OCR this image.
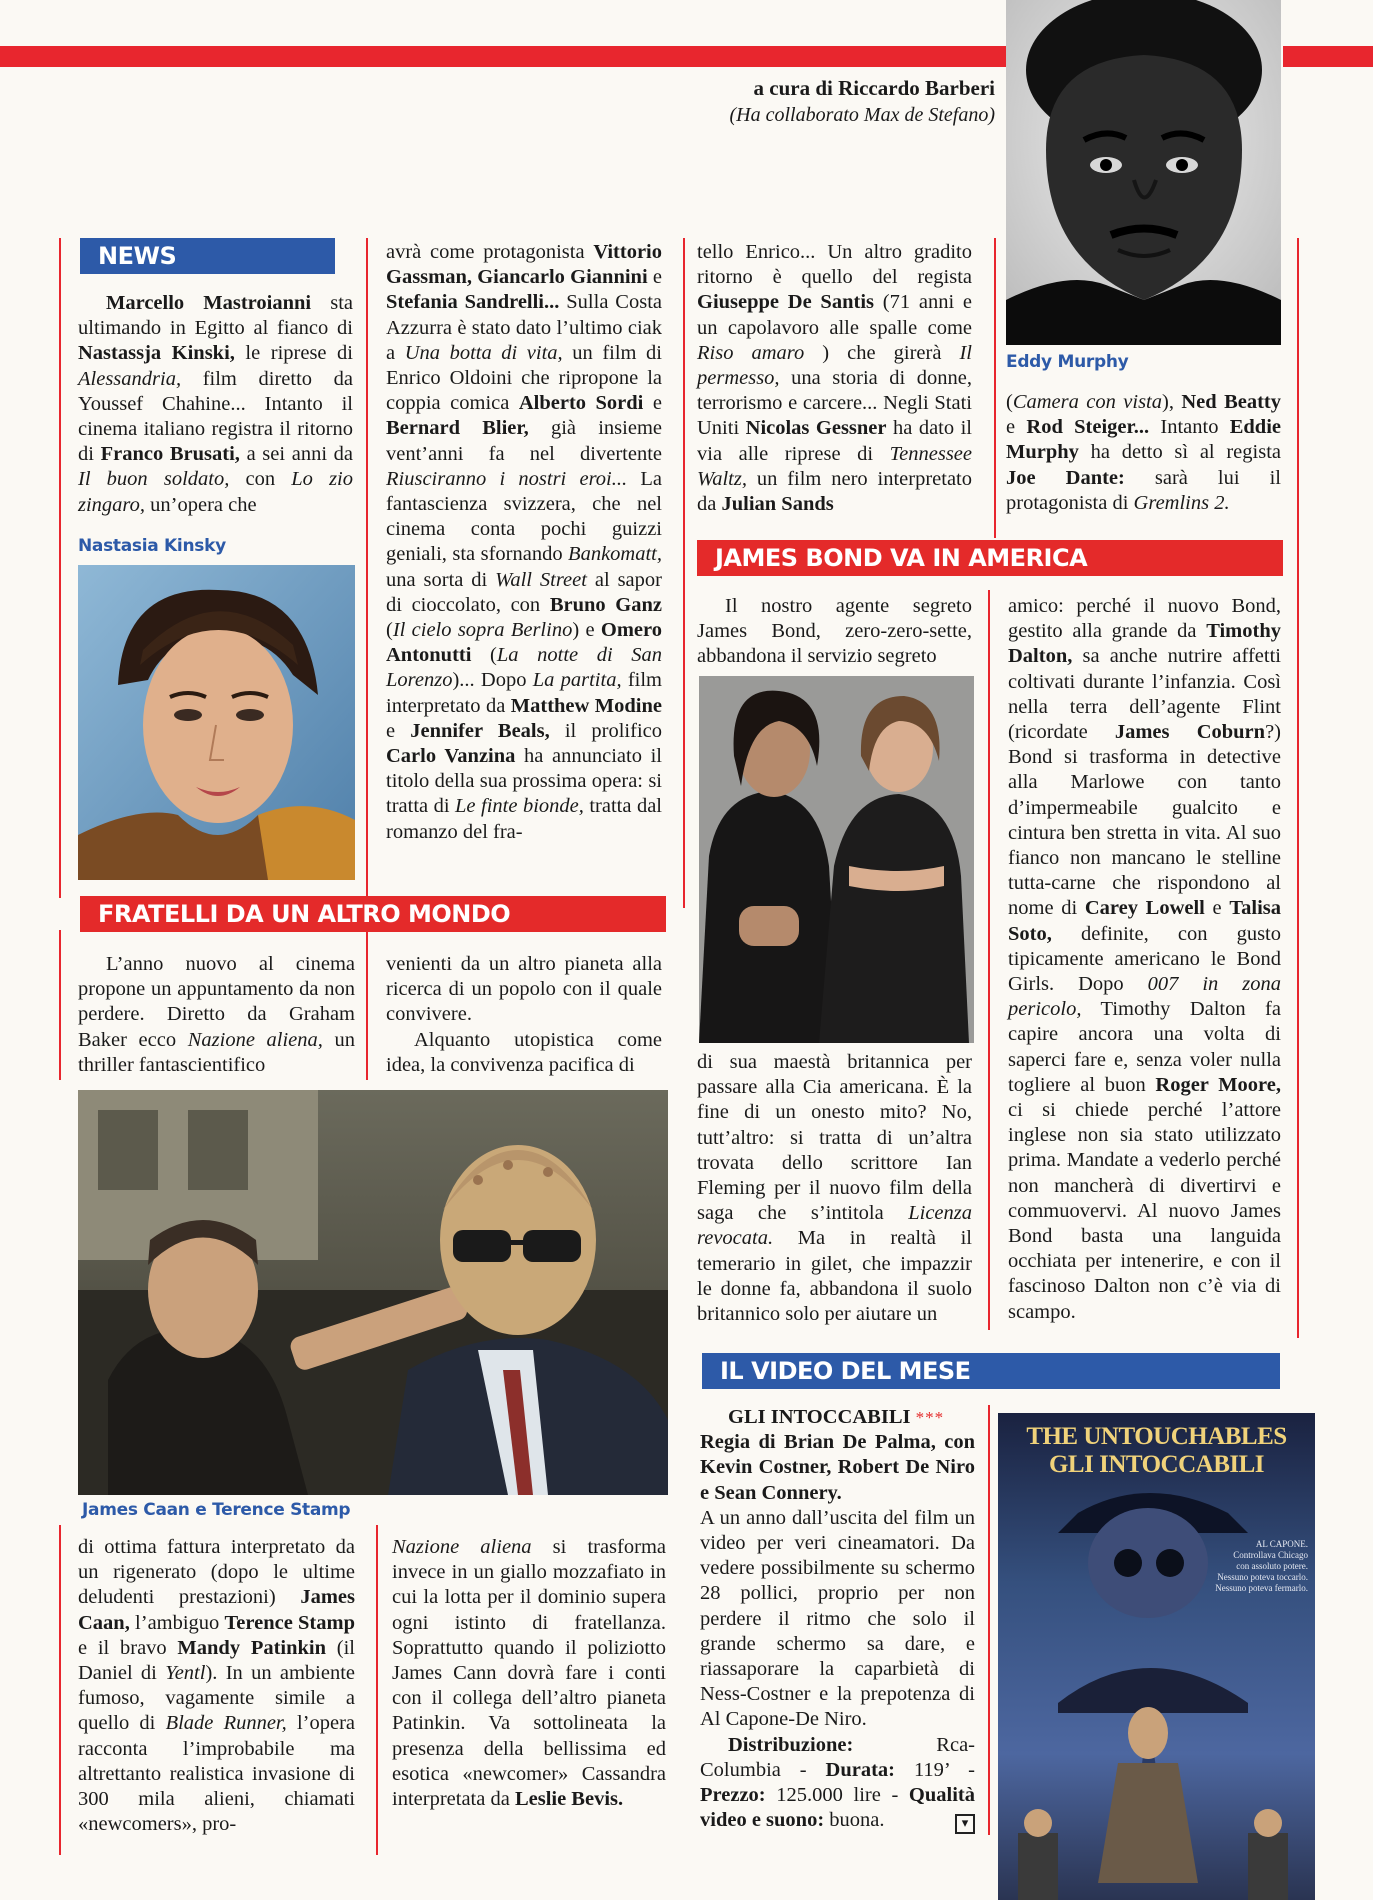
a cura di Riccardo Barberi
(Ha collaborato Max de Stefano)
Eddy Murphy
NEWS

Marcello Mastroianni sta ultimando in Egitto al fianco di Nastassja Kinski, le riprese di Alessandria, film diretto da Youssef Chahine... Intanto il cinema italiano registra il ritorno di Franco Brusati, a sei anni da Il buon soldato, con Lo zio zingaro, un’opera che

Nastasia Kinsky

avrà come protagonista Vittorio Gassman, Giancarlo Giannini e Stefania Sandrelli... Sulla Costa Azzurra è stato dato l’ultimo ciak a Una botta di vita, un film di Enrico Oldoini che ripropone la coppia comica Alberto Sordi e Bernard Blier, già insieme vent’anni fa nel divertente Riusciranno i nostri eroi... La fantascienza svizzera, che nel cinema conta pochi guizzi geniali, sta sfornando Bankomatt, una sorta di Wall Street al sapor di cioccolato, con Bruno Ganz (Il cielo sopra Berlino) e Omero Antonutti (La notte di San Lorenzo)... Dopo La partita, film interpretato da Matthew Modine e Jennifer Beals, il prolifico Carlo Vanzina ha annunciato il titolo della sua prossima opera: si tratta di Le finte bionde, tratta dal romanzo del fra-

tello Enrico... Un altro gradito ritorno è quello del regista Giuseppe De Santis (71 anni e un capolavoro alle spalle come Riso amaro ) che girerà Il permesso, una storia di donne, terrorismo e carcere... Negli Stati Uniti Nicolas Gessner ha dato il via alle riprese di Tennessee Waltz, un film nero interpretato da Julian Sands

(Camera con vista), Ned Beatty e Rod Steiger... Intanto Eddie Murphy ha detto sì al regista Joe Dante: sarà lui il protagonista di Gremlins 2.

JAMES BOND VA IN AMERICA
FRATELLI DA UN ALTRO MONDO

L’anno nuovo al cinema propone un appuntamento da non perdere. Diretto da Graham Baker ecco Nazione aliena, un thriller fantascientifico

venienti da un altro pianeta alla ricerca di un popolo con il quale convivere.

Alquanto utopistica come idea, la convivenza pacifica di

James Caan e Terence Stamp

di ottima fattura interpretato da un rigenerato (dopo le ultime deludenti prestazioni) James Caan, l’ambiguo Terence Stamp e il bravo Mandy Patinkin (il Daniel di Yentl). In un ambiente fumoso, vagamente simile a quello di Blade Runner, l’opera racconta l’improbabile ma altrettanto realistica invasione di 300 mila alieni, chiamati «newcomers», pro-

Nazione aliena si trasforma invece in un giallo mozzafiato in cui la lotta per il dominio supera ogni istinto di fratellanza. Soprattutto quando il poliziotto James Cann dovrà fare i conti con il collega dell’altro pianeta Patinkin. Va sottolineata la presenza della bellissima ed esotica «newcomer» Cassandra interpretata da Leslie Bevis.

Il nostro agente segreto James Bond, zero-zero-sette, abbandona il servizio segreto

di sua maestà britannica per passare alla Cia americana. È la fine di un onesto mito? No, tutt’altro: si tratta di un’altra trovata dello scrittore Ian Fleming per il nuovo film della saga che s’intitola Licenza revocata. Ma in realtà il temerario in gilet, che impazzir le donne fa, abbandona il suolo britannico solo per aiutare un

amico: perché il nuovo Bond, gestito alla grande da Timothy Dalton, sa anche nutrire affetti coltivati durante l’infanzia. Così nella terra dell’agente Flint (ricordate James Coburn?) Bond si trasforma in detective alla Marlowe con tanto d’impermeabile gualcito e cintura ben stretta in vita. Al suo fianco non mancano le stelline tutta-carne che rispondono al nome di Carey Lowell e Talisa Soto, definite, con gusto tipicamente americano le Bond Girls. Dopo 007 in zona pericolo, Timothy Dalton fa capire ancora una volta di saperci fare e, senza voler nulla togliere al buon Roger Moore, ci si chiede perché l’attore inglese non sia stato utilizzato prima. Mandate a vederlo perché non mancherà di divertirvi e commuovervi. Al nuovo James Bond basta una languida occhiata per intenerire, e con il fascinoso Dalton non c’è via di scampo.

IL VIDEO DEL MESE

GLI INTOCCABILI ***

Regia di Brian De Palma, con Kevin Costner, Robert De Niro e Sean Connery.

A un anno dall’uscita del film un video per veri cineamatori. Da vedere possibilmente su schermo 28 pollici, proprio per non perdere il ritmo che solo il grande schermo sa dare, e riassaporare la caparbietà di Ness-Costner e la prepotenza di Al Capone-De Niro.

Distribuzione: Rca-Columbia - Durata: 119’ - Prezzo: 125.000 lire - Qualità video e suono: buona.	▾
THE UNTOUCHABLES
GLI INTOCCABILI
AL CAPONE.
Controllava Chicago
con assoluto potere.
Nessuno poteva toccarlo.
Nessuno poteva fermarlo.
